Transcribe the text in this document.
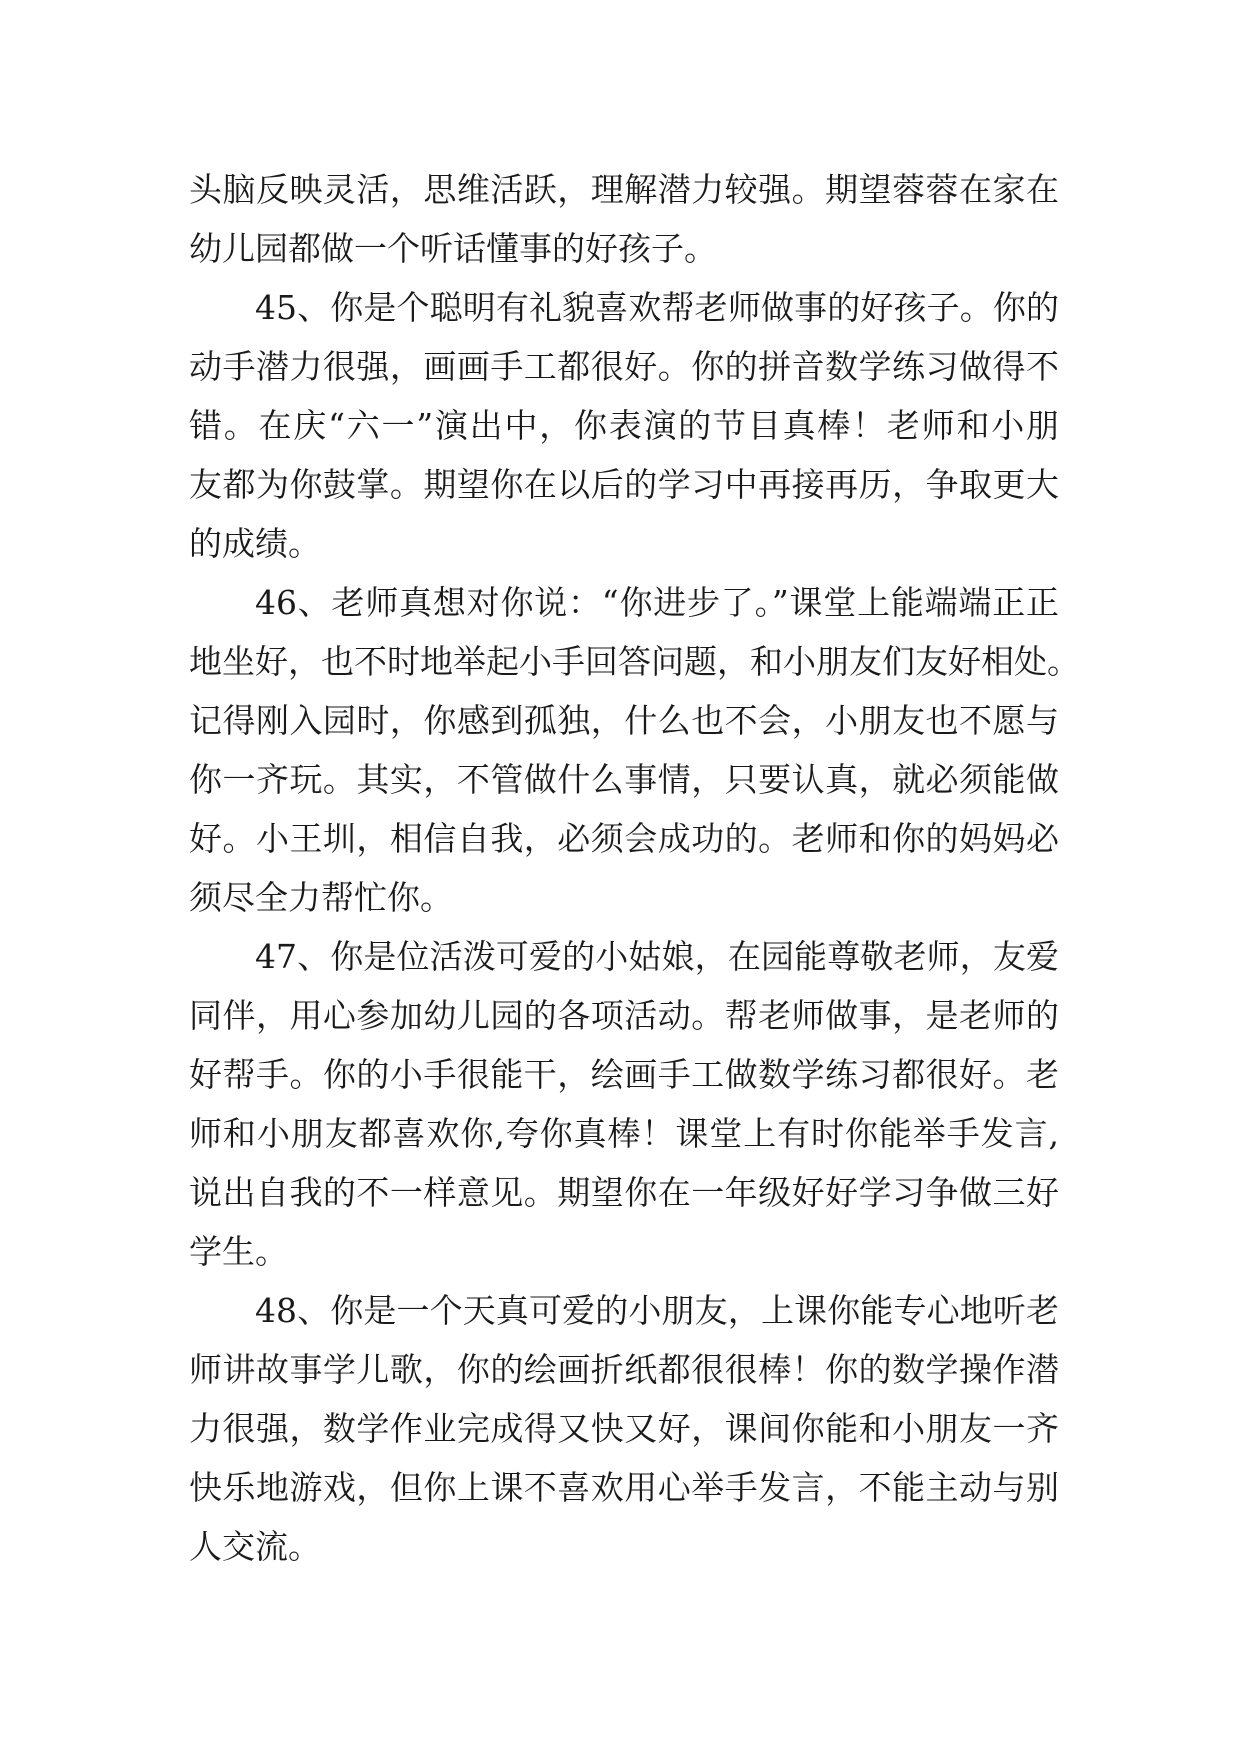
头脑反映灵活，思维活跃，理解潜力较强。期望蓉蓉在家在
幼儿园都做一个听话懂事的好孩子。
45、你是个聪明有礼貌喜欢帮老师做事的好孩子。你的
动手潜力很强，画画手工都很好。你的拼音数学练习做得不
错。在庆“六一”演出中，你表演的节目真棒！老师和小朋
友都为你鼓掌。期望你在以后的学习中再接再历，争取更大
的成绩。
46、老师真想对你说：“你进步了。”课堂上能端端正正
地坐好，也不时地举起小手回答问题，和小朋友们友好相处。
记得刚入园时，你感到孤独，什么也不会，小朋友也不愿与
你一齐玩。其实，不管做什么事情，只要认真，就必须能做
好。小王圳，相信自我，必须会成功的。老师和你的妈妈必
须尽全力帮忙你。
47、你是位活泼可爱的小姑娘，在园能尊敬老师，友爱
同伴，用心参加幼儿园的各项活动。帮老师做事，是老师的
好帮手。你的小手很能干，绘画手工做数学练习都很好。老
师和小朋友都喜欢你,夸你真棒！课堂上有时你能举手发言,
说出自我的不一样意见。期望你在一年级好好学习争做三好
学生。
48、你是一个天真可爱的小朋友，上课你能专心地听老
师讲故事学儿歌，你的绘画折纸都很很棒！你的数学操作潜
力很强，数学作业完成得又快又好，课间你能和小朋友一齐
快乐地游戏，但你上课不喜欢用心举手发言，不能主动与别
人交流。
